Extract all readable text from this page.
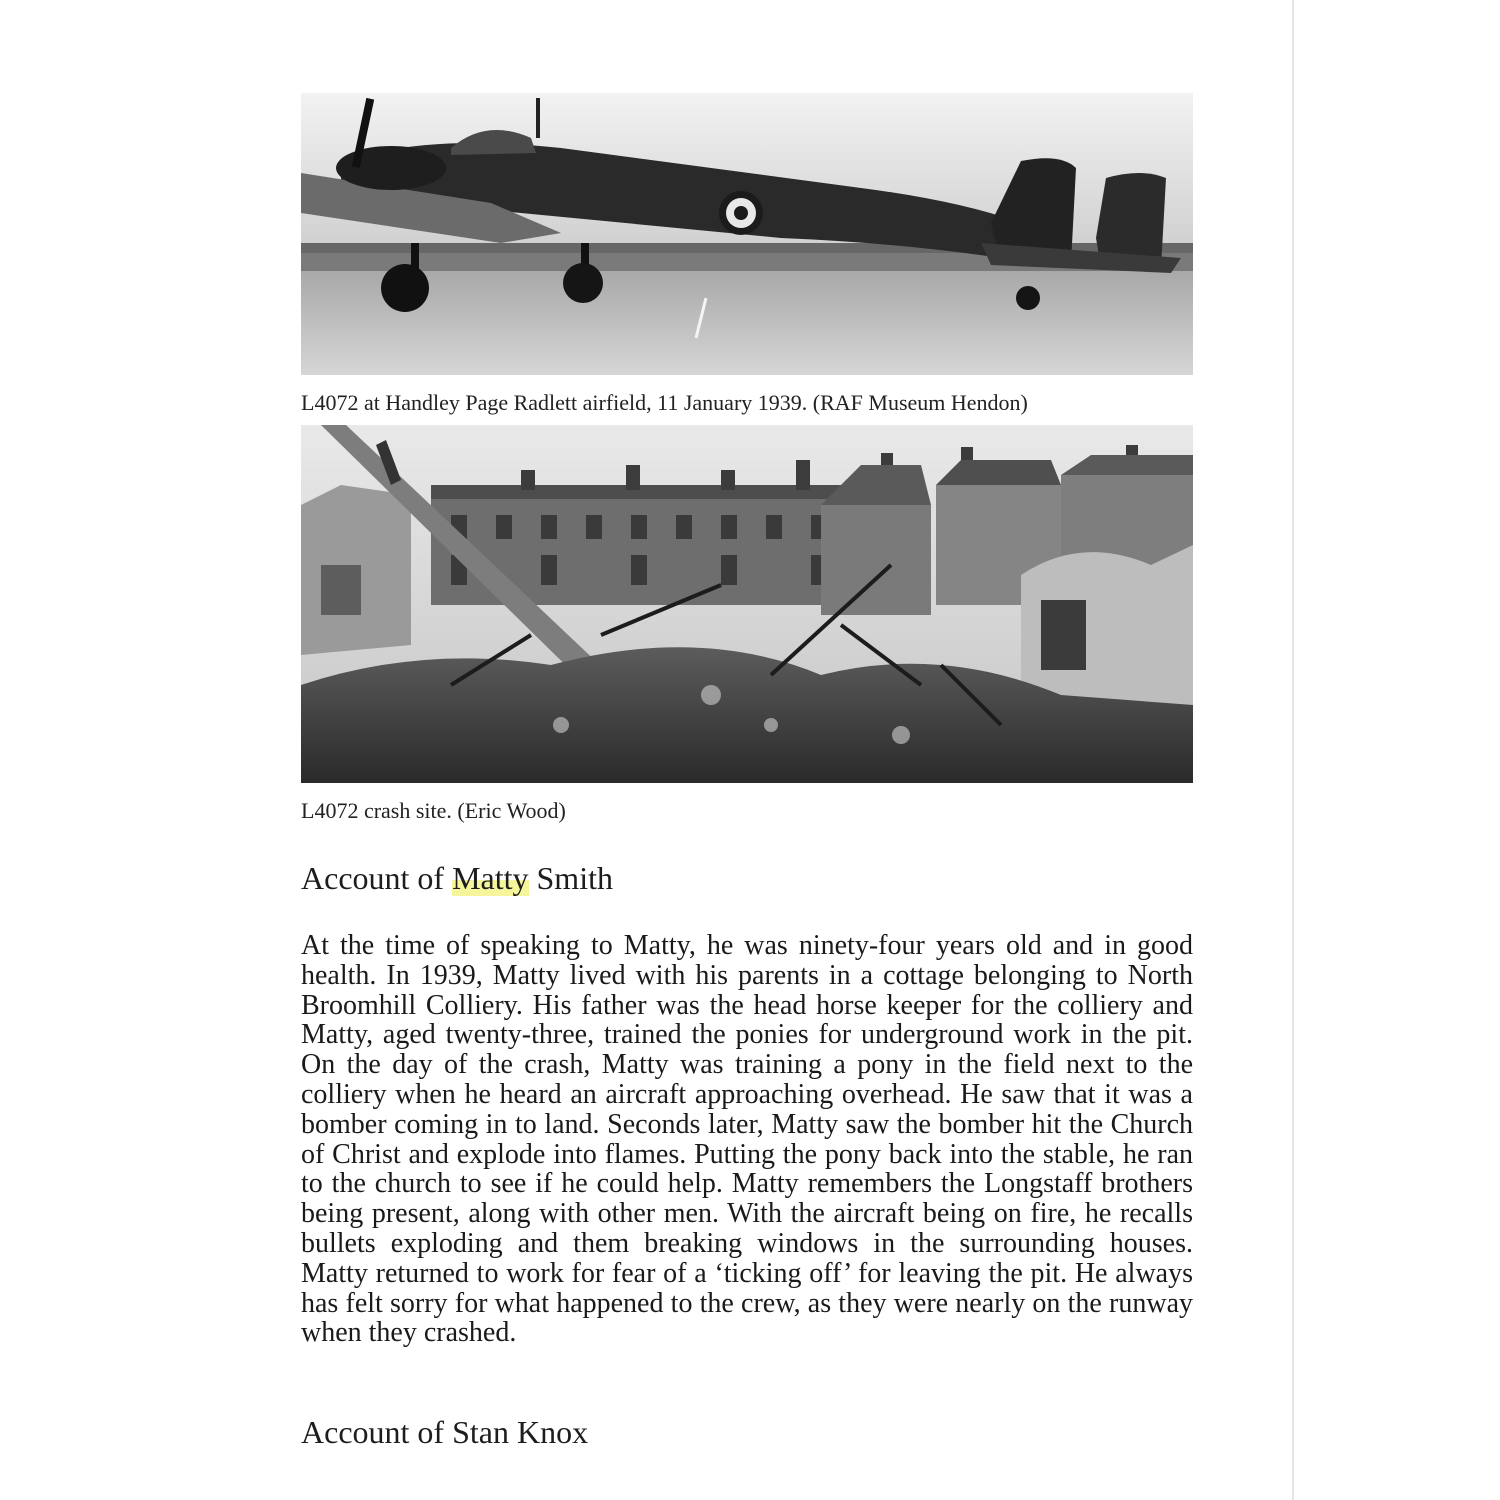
L4072 at Handley Page Radlett airfield, 11 January 1939. (RAF Museum Hendon)
L4072 crash site. (Eric Wood)
Account of Matty Smith

At the time of speaking to Matty, he was ninety-four years old and in good health. In 1939, Matty lived with his parents in a cottage belonging to North Broomhill Colliery. His father was the head horse keeper for the colliery and Matty, aged twenty-three, trained the ponies for underground work in the pit. On the day of the crash, Matty was training a pony in the field next to the colliery when he heard an aircraft approaching overhead. He saw that it was a bomber coming in to land. Seconds later, Matty saw the bomber hit the Church of Christ and explode into flames. Putting the pony back into the stable, he ran to the church to see if he could help. Matty remembers the Longstaff brothers being present, along with other men. With the aircraft being on fire, he recalls bullets exploding and them breaking windows in the surrounding houses. Matty returned to work for fear of a ‘ticking off’ for leaving the pit. He always has felt sorry for what happened to the crew, as they were nearly on the runway when they crashed.

Account of Stan Knox
